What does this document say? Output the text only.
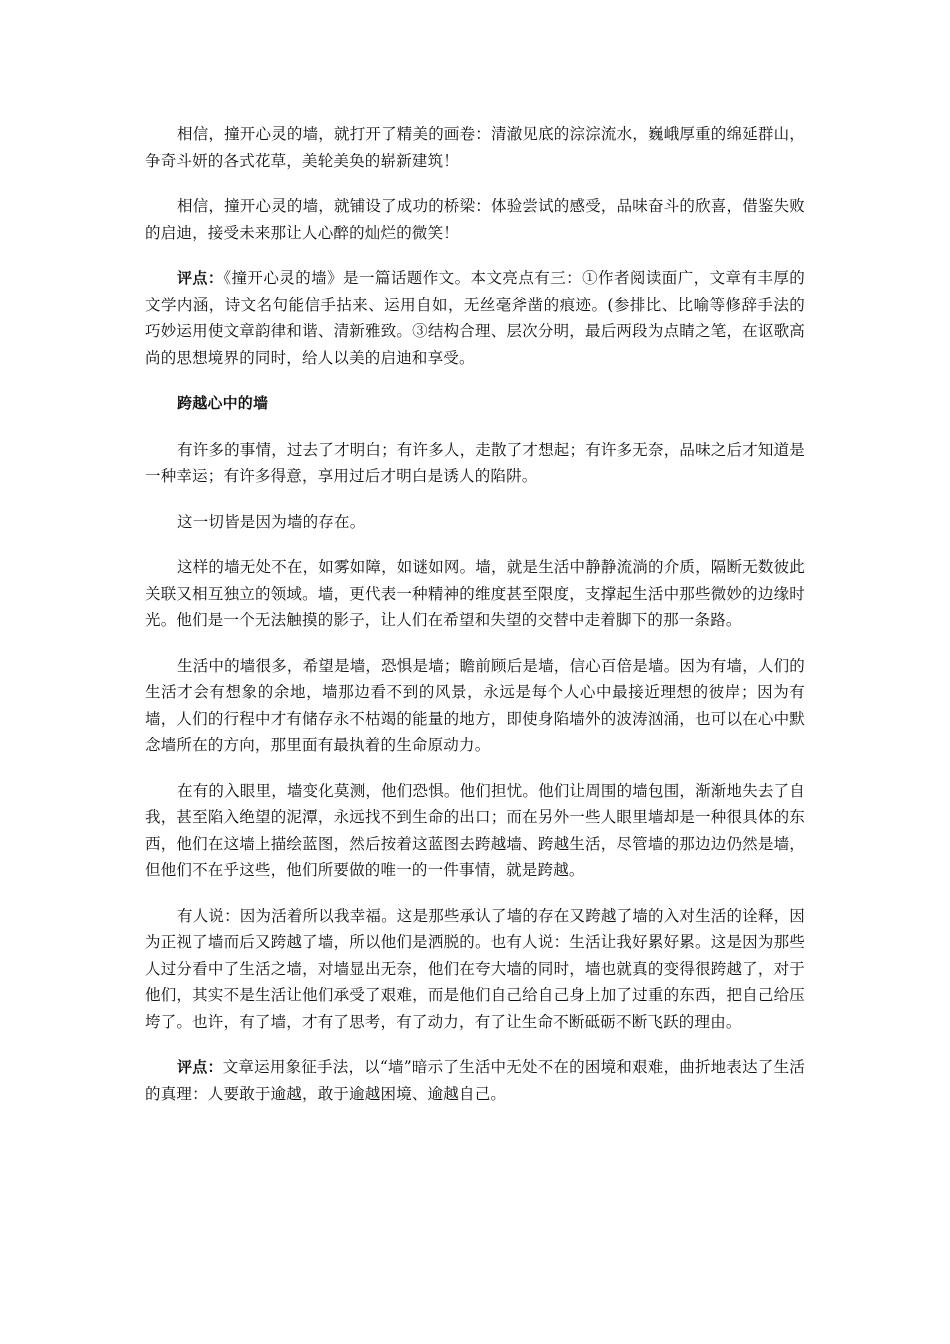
相信，撞开心灵的墙，就打开了精美的画卷：清澈见底的淙淙流水，巍峨厚重的绵延群山，争奇斗妍的各式花草，美轮美奂的崭新建筑！

相信，撞开心灵的墙，就铺设了成功的桥梁：体验尝试的感受，品味奋斗的欣喜，借鉴失败的启迪，接受未来那让人心醉的灿烂的微笑！

评点：《撞开心灵的墙》是一篇话题作文。本文亮点有三：①作者阅读面广，文章有丰厚的文学内涵，诗文名句能信手拈来、运用自如，无丝毫斧凿的痕迹。(参排比、比喻等修辞手法的巧妙运用使文章韵律和谐、清新雅致。③结构合理、层次分明，最后两段为点睛之笔，在讴歌高尚的思想境界的同时，给人以美的启迪和享受。

跨越心中的墙

有许多的事情，过去了才明白；有许多人，走散了才想起；有许多无奈，品味之后才知道是一种幸运；有许多得意，享用过后才明白是诱人的陷阱。

这一切皆是因为墙的存在。

这样的墙无处不在，如雾如障，如谜如网。墙，就是生活中静静流淌的介质，隔断无数彼此关联又相互独立的领域。墙，更代表一种精神的维度甚至限度，支撑起生活中那些微妙的边缘时光。他们是一个无法触摸的影子，让人们在希望和失望的交替中走着脚下的那一条路。

生活中的墙很多，希望是墙，恐惧是墙；瞻前顾后是墙，信心百倍是墙。因为有墙，人们的生活才会有想象的余地，墙那边看不到的风景，永远是每个人心中最接近理想的彼岸；因为有墙，人们的行程中才有储存永不枯竭的能量的地方，即使身陷墙外的波涛汹涌，也可以在心中默念墙所在的方向，那里面有最执着的生命原动力。

在有的入眼里，墙变化莫测，他们恐惧。他们担忧。他们让周围的墙包围，渐渐地失去了自我，甚至陷入绝望的泥潭，永远找不到生命的出口；而在另外一些人眼里墙却是一种很具体的东西，他们在这墙上描绘蓝图，然后按着这蓝图去跨越墙、跨越生活，尽管墙的那边边仍然是墙，但他们不在乎这些，他们所要做的唯一的一件事情，就是跨越。

有人说：因为活着所以我幸福。这是那些承认了墙的存在又跨越了墙的入对生活的诠释，因为正视了墙而后又跨越了墙，所以他们是洒脱的。也有人说：生活让我好累好累。这是因为那些人过分看中了生活之墙，对墙显出无奈，他们在夸大墙的同时，墙也就真的变得很跨越了，对于他们，其实不是生活让他们承受了艰难，而是他们自己给自己身上加了过重的东西，把自己给压垮了。也许，有了墙，才有了思考，有了动力，有了让生命不断砥砺不断飞跃的理由。

评点：文章运用象征手法，以“墙”暗示了生活中无处不在的困境和艰难，曲折地表达了生活的真理：人要敢于逾越，敢于逾越困境、逾越自己。
